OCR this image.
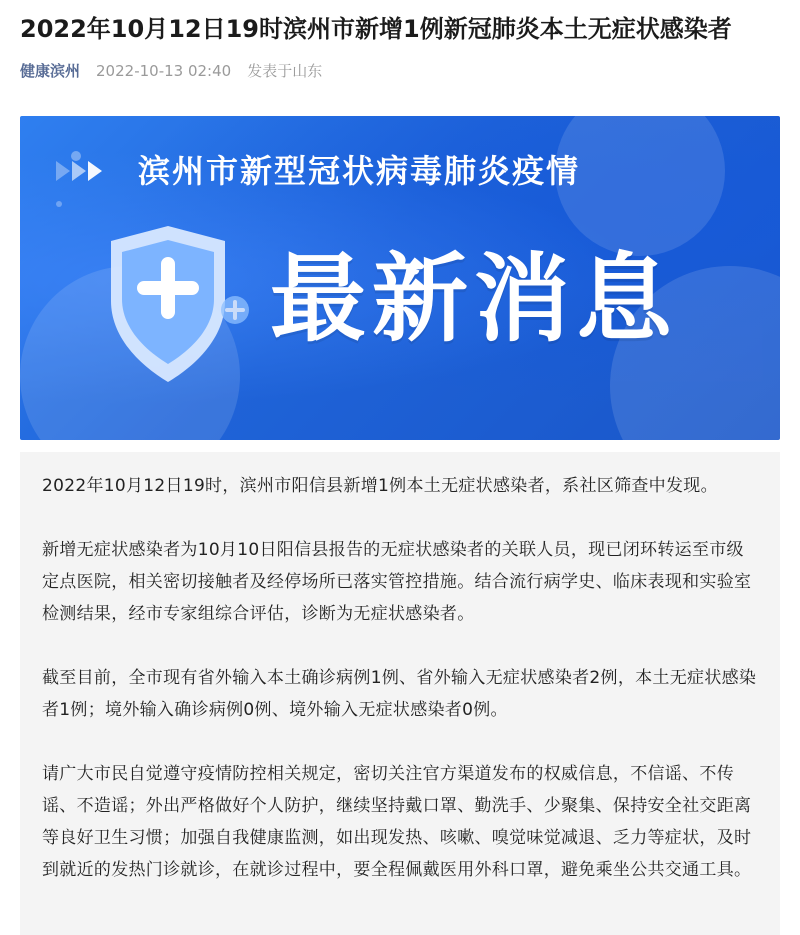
2022年10月12日19时滨州市新增1例新冠肺炎本土无症状感染者
健康滨州 2022-10-13 02:40 发表于山东
滨州市新型冠状病毒肺炎疫情
最新消息
2022年10月12日19时，滨州市阳信县新增1例本土无症状感染者，系社区筛查中发现。
新增无症状感染者为10月10日阳信县报告的无症状感染者的关联人员，现已闭环转运至市级定点医院，相关密切接触者及经停场所已落实管控措施。结合流行病学史、临床表现和实验室检测结果，经市专家组综合评估，诊断为无症状感染者。
截至目前，全市现有省外输入本土确诊病例1例、省外输入无症状感染者2例，本土无症状感染者1例；境外输入确诊病例0例、境外输入无症状感染者0例。
请广大市民自觉遵守疫情防控相关规定，密切关注官方渠道发布的权威信息，不信谣、不传谣、不造谣；外出严格做好个人防护，继续坚持戴口罩、勤洗手、少聚集、保持安全社交距离等良好卫生习惯；加强自我健康监测，如出现发热、咳嗽、嗅觉味觉减退、乏力等症状，及时到就近的发热门诊就诊，在就诊过程中，要全程佩戴医用外科口罩，避免乘坐公共交通工具。
